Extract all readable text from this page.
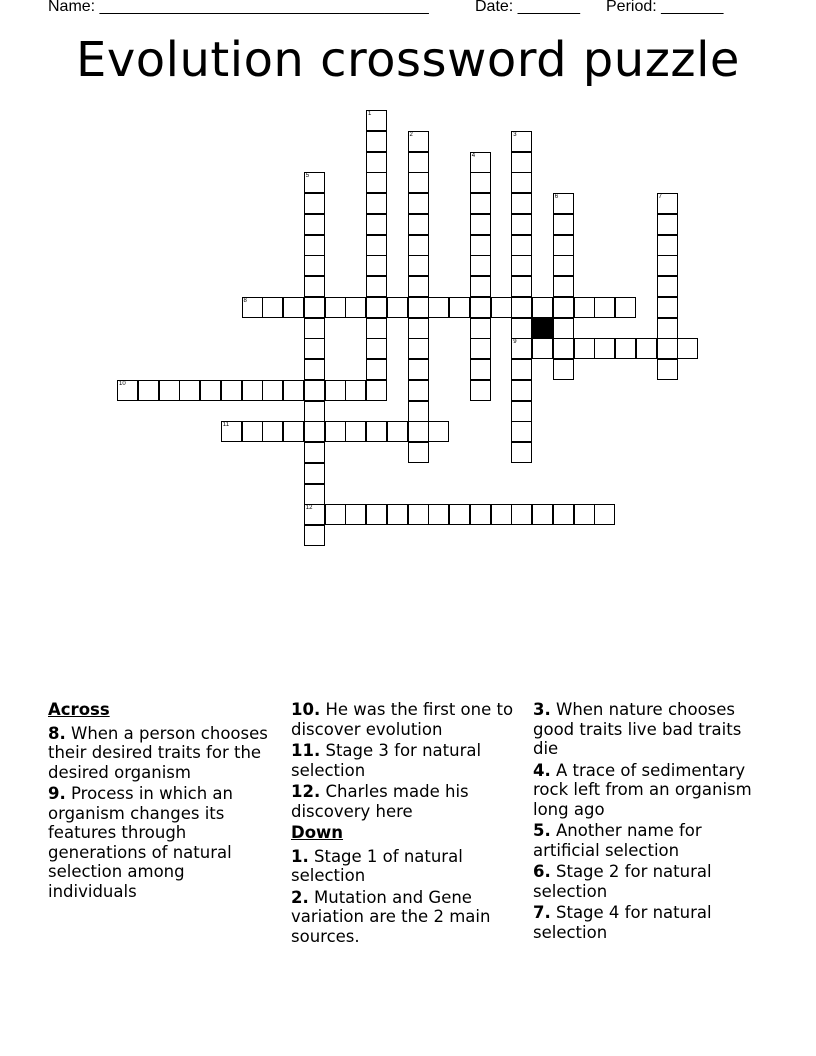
Name: _____________________________________	Date: _______ Period: _______
Evolution crossword puzzle
1
2	3
9
4
5
12
6	7
8
10
11
Across
8. When a person chooses their desired traits for the desired organism
9. Process in which an organism changes its features through generations of natural selection among individuals
10. He was the first one to discover evolution
11. Stage 3 for natural selection
12. Charles made his discovery here
Down
1. Stage 1 of natural selection
2. Mutation and Gene variation are the 2 main sources.
3. When nature chooses good traits live bad traits die
4. A trace of sedimentary rock left from an organism long ago
5. Another name for artificial selection
6. Stage 2 for natural selection
7. Stage 4 for natural selection
